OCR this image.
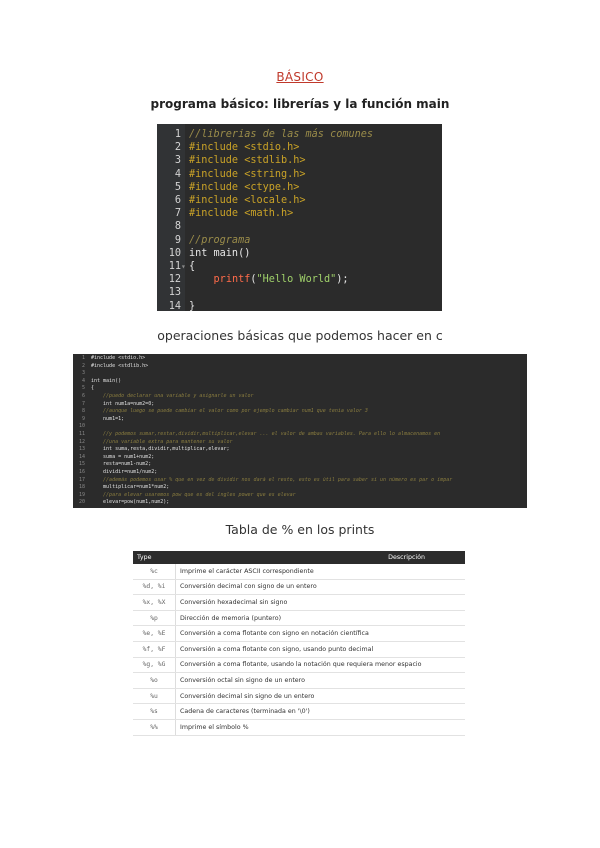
BÁSICO
programa básico: librerías y la función main
1 //librerias de las más comunes
2 #include <stdio.h>
3 #include <stdlib.h>
4 #include <string.h>
5 #include <ctype.h>
6 #include <locale.h>
7 #include <math.h>
8
9 //programa
10 int main()
11▾ {
12	printf("Hello World");
13
14 }
operaciones básicas que podemos hacer en c
1 #include <stdio.h>
2 #include <stdlib.h>
3
4 int main()
5 {
6    //puedo declarar una variable y asignarle un valor
7    int num1a=num2=0;
8    //aunque luego se puede cambiar el valor como por ejemplo cambiar num1 que tenia valor 3
9    num1=1;
10
11    //y podemos sumar,restar,dividir,multiplicar,elevar ... el valor de ambas variables. Para ello lo almacenamos en
12    //una variable extra para mantener su valor
13    int suma,resta,dividir,multiplicar,elevar;
14    suma = num1+num2;
15    resta=num1-num2;
16    dividir=num1/num2;
17    //además podemos usar % que en vez de dividir nos dará el resto, esto es útil para saber si un número es par o impar
18    multiplicar=num1*num2;
19    //para elevar usaremos pow que es del ingles power que es elevar
20    elevar=pow(num1,num2);
Tabla de % en los prints
Type	Descripción
%c	Imprime el carácter ASCII correspondiente
%d, %i	Conversión decimal con signo de un entero
%x, %X	Conversión hexadecimal sin signo
%p	Dirección de memoria (puntero)
%e, %E	Conversión a coma flotante con signo en notación científica
%f, %F	Conversión a coma flotante con signo, usando punto decimal
%g, %G	Conversión a coma flotante, usando la notación que requiera menor espacio
%o	Conversión octal sin signo de un entero
%u	Conversión decimal sin signo de un entero
%s	Cadena de caracteres (terminada en '\0')
%%	Imprime el símbolo %
